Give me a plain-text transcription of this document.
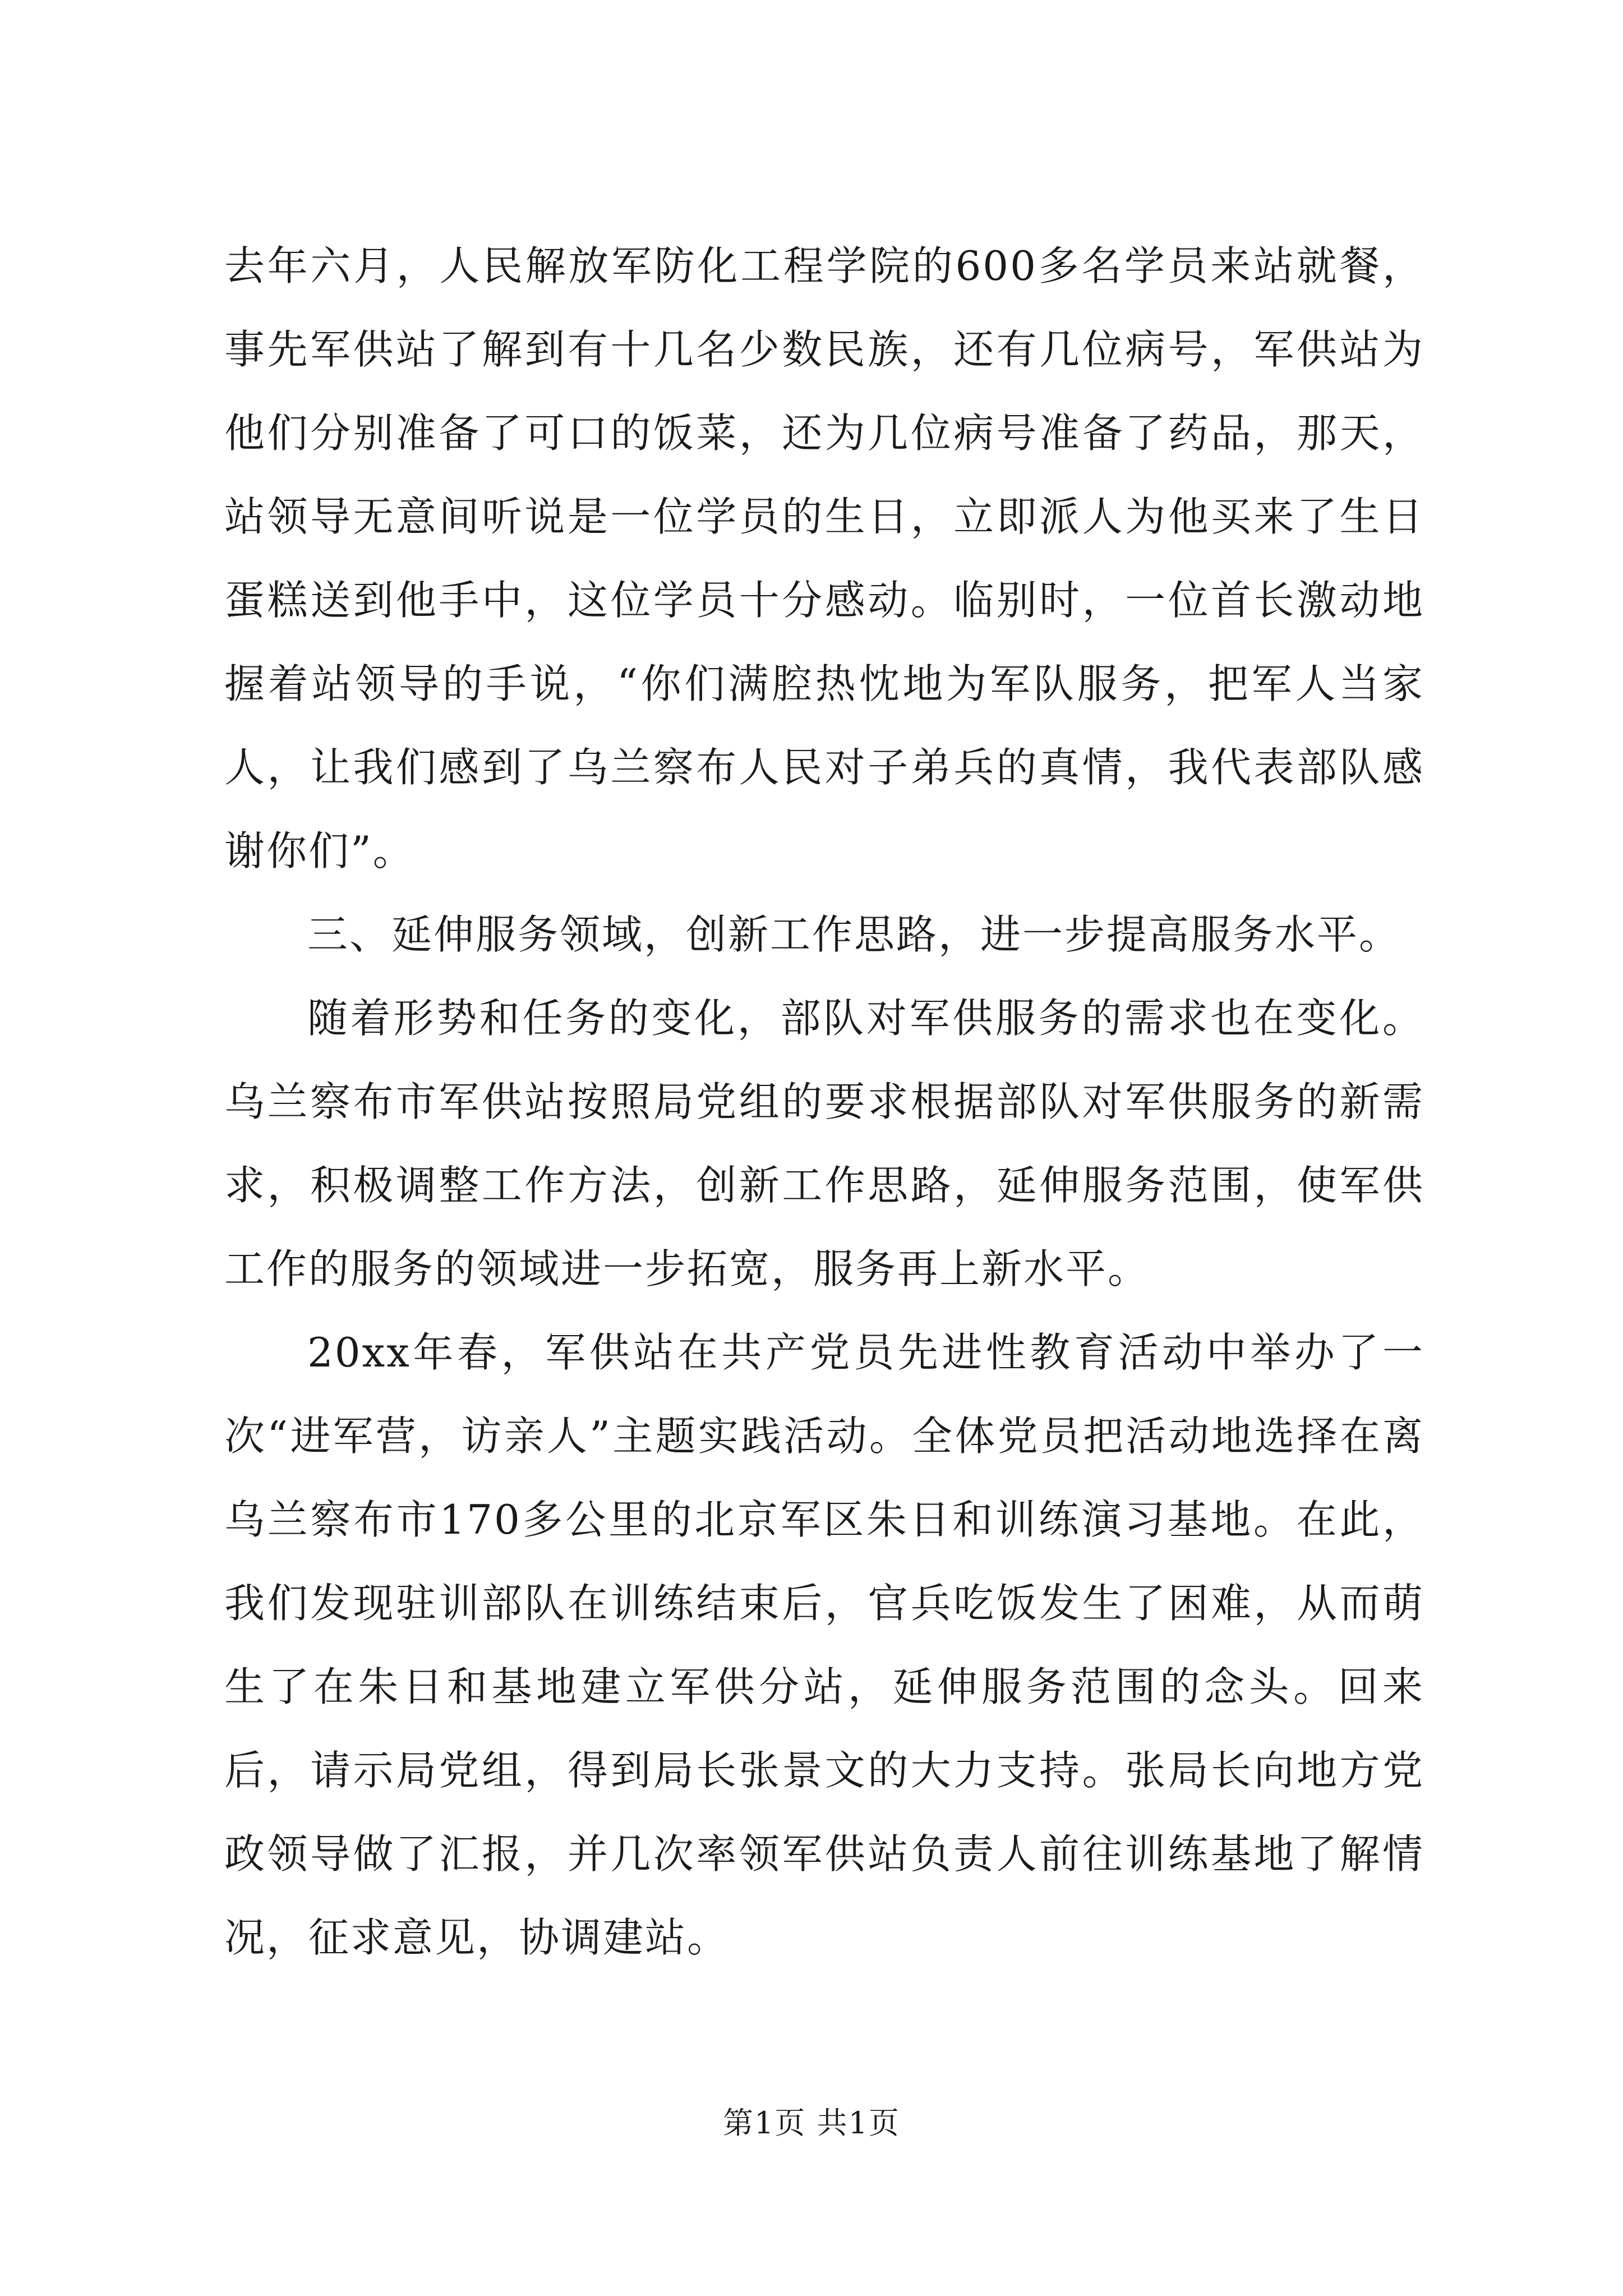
去年六月，人民解放军防化工程学院的600多名学员来站就餐，事先军供站了解到有十几名少数民族，还有几位病号，军供站为他们分别准备了可口的饭菜，还为几位病号准备了药品，那天，站领导无意间听说是一位学员的生日，立即派人为他买来了生日蛋糕送到他手中，这位学员十分感动。临别时，一位首长激动地握着站领导的手说，“你们满腔热忱地为军队服务，把军人当家人，让我们感到了乌兰察布人民对子弟兵的真情，我代表部队感谢你们”。

三、延伸服务领域，创新工作思路，进一步提高服务水平。

随着形势和任务的变化，部队对军供服务的需求也在变化。乌兰察布市军供站按照局党组的要求根据部队对军供服务的新需求，积极调整工作方法，创新工作思路，延伸服务范围，使军供工作的服务的领域进一步拓宽，服务再上新水平。

20xx年春，军供站在共产党员先进性教育活动中举办了一次“进军营，访亲人”主题实践活动。全体党员把活动地选择在离乌兰察布市170多公里的北京军区朱日和训练演习基地。在此，我们发现驻训部队在训练结束后，官兵吃饭发生了困难，从而萌生了在朱日和基地建立军供分站，延伸服务范围的念头。回来后，请示局党组，得到局长张景文的大力支持。张局长向地方党政领导做了汇报，并几次率领军供站负责人前往训练基地了解情况，征求意见，协调建站。

第1页 共1页
